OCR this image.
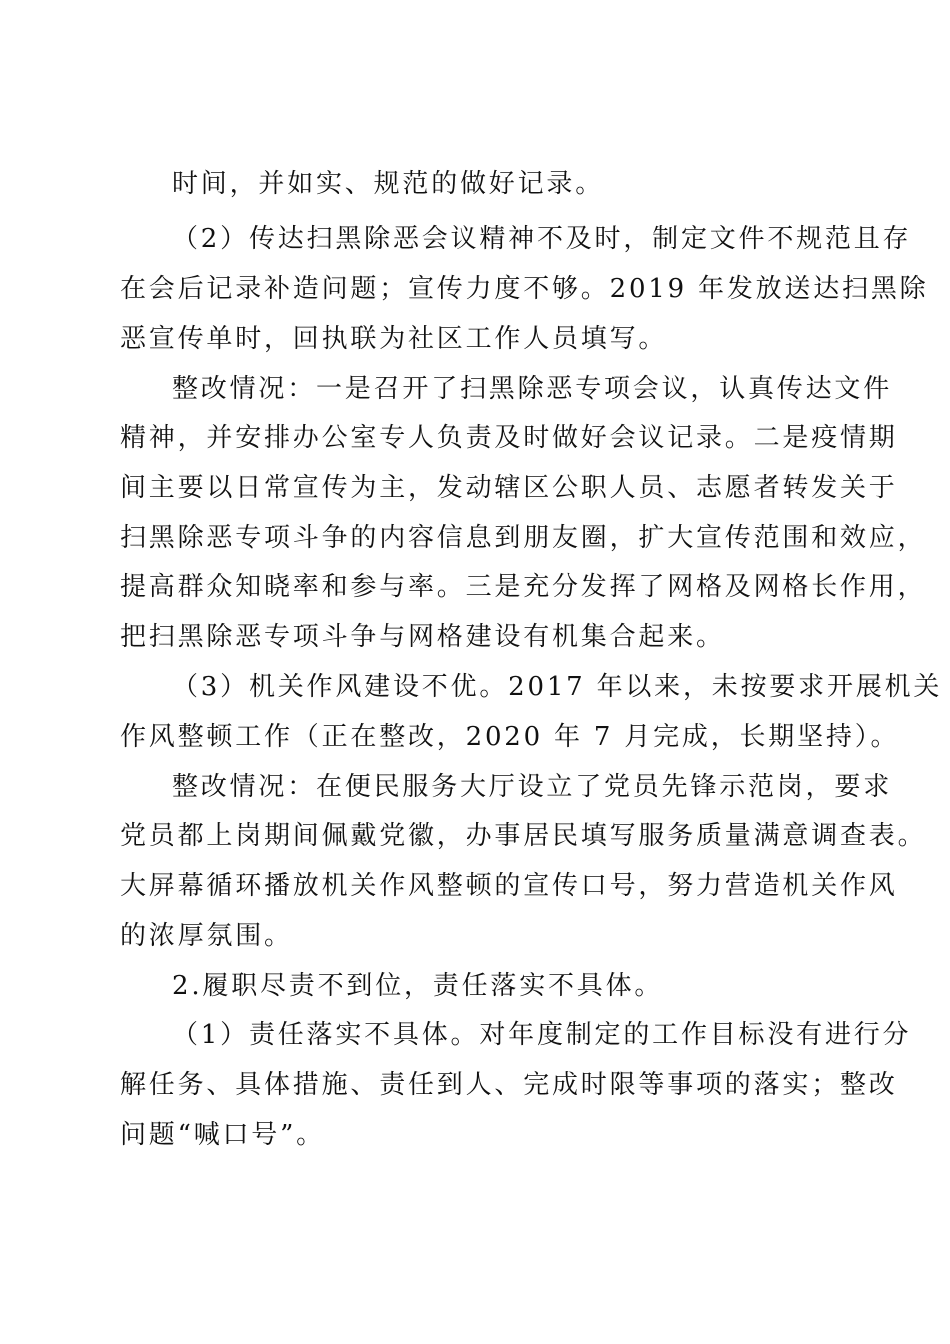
时间，并如实、规范的做好记录。
（2）传达扫黑除恶会议精神不及时，制定文件不规范且存
在会后记录补造问题；宣传力度不够。2019 年发放送达扫黑除
恶宣传单时，回执联为社区工作人员填写。
整改情况：一是召开了扫黑除恶专项会议，认真传达文件
精神，并安排办公室专人负责及时做好会议记录。二是疫情期
间主要以日常宣传为主，发动辖区公职人员、志愿者转发关于
扫黑除恶专项斗争的内容信息到朋友圈，扩大宣传范围和效应，
提高群众知晓率和参与率。三是充分发挥了网格及网格长作用，
把扫黑除恶专项斗争与网格建设有机集合起来。
（3）机关作风建设不优。2017 年以来，未按要求开展机关
作风整顿工作（正在整改，2020 年 7 月完成，长期坚持）。
整改情况：在便民服务大厅设立了党员先锋示范岗，要求
党员都上岗期间佩戴党徽，办事居民填写服务质量满意调查表。
大屏幕循环播放机关作风整顿的宣传口号，努力营造机关作风
的浓厚氛围。
2.履职尽责不到位，责任落实不具体。
（1）责任落实不具体。对年度制定的工作目标没有进行分
解任务、具体措施、责任到人、完成时限等事项的落实；整改
问题“喊口号”。
